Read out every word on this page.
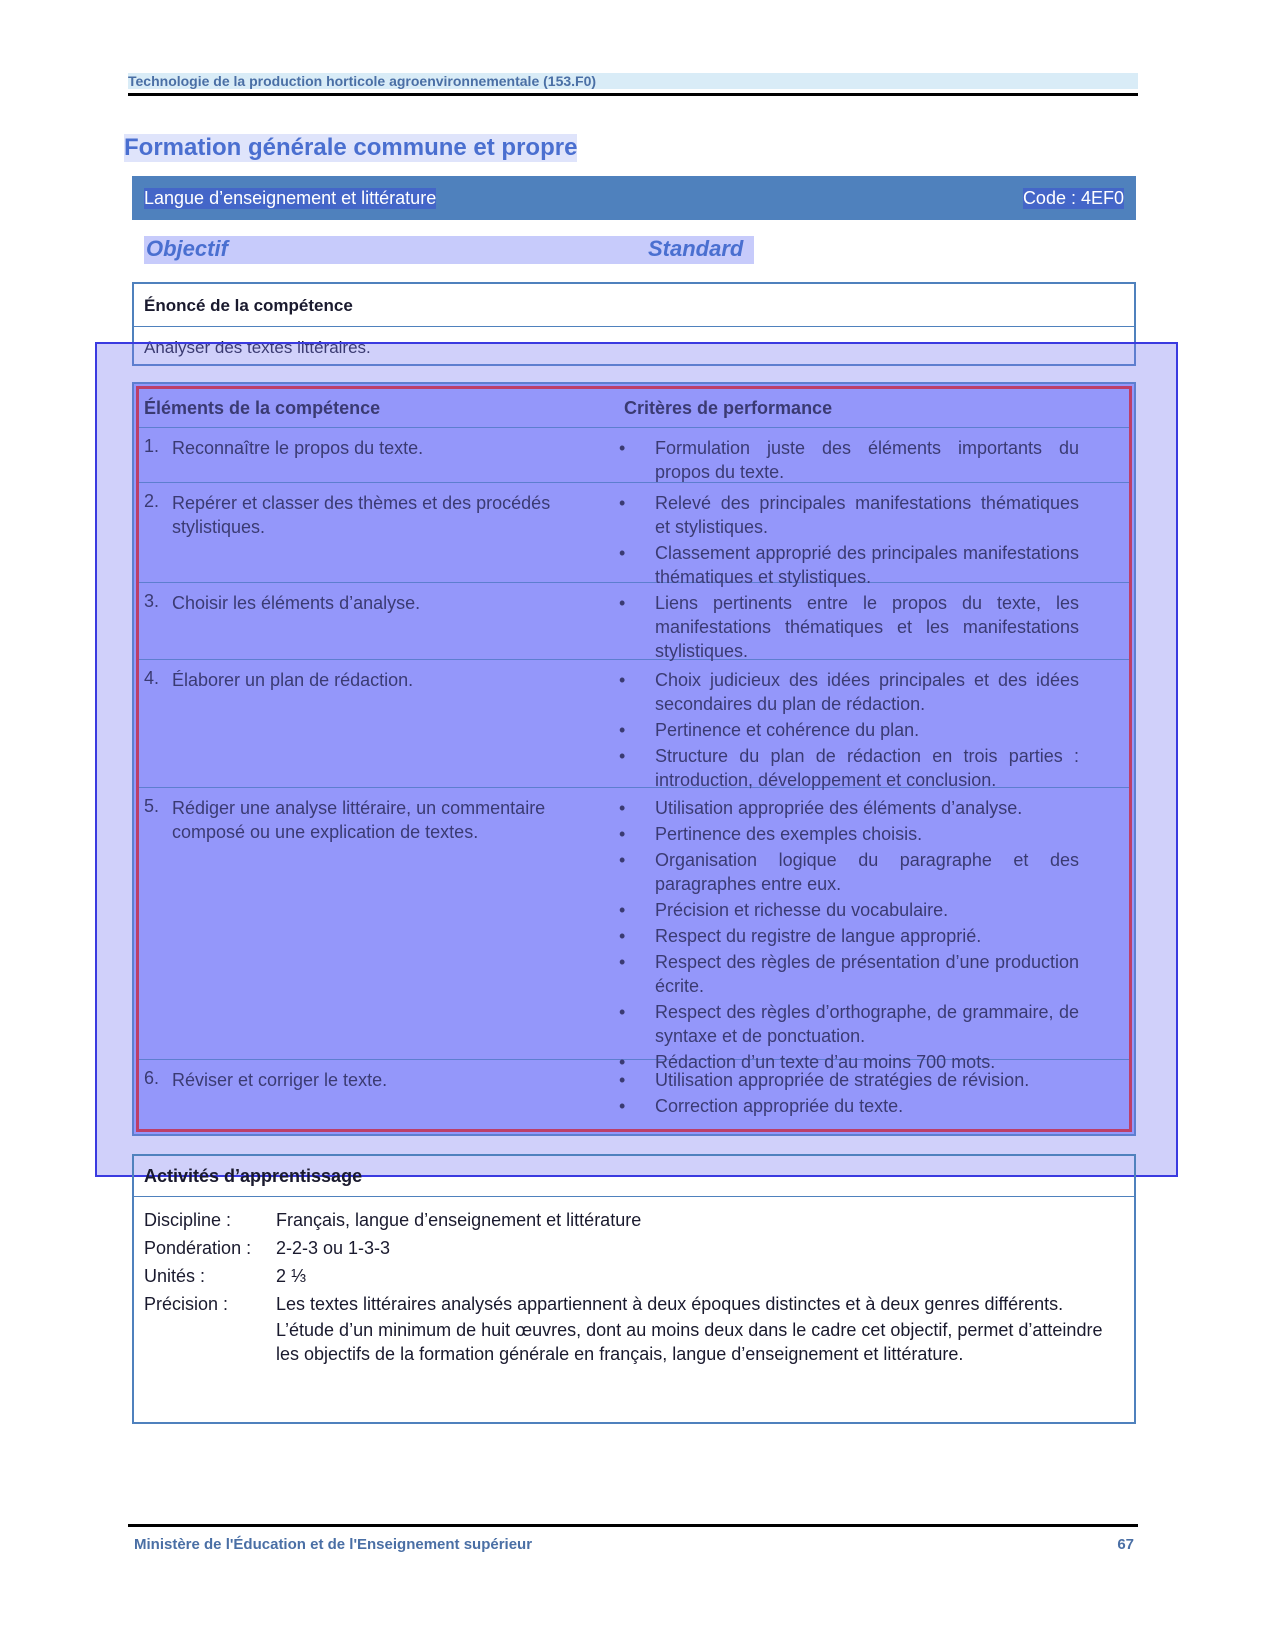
Technologie de la production horticole agroenvironnementale (153.F0)
Formation générale commune et propre
Langue d’enseignement et littérature	Code : 4EF0
Objectif	Standard
Énoncé de la compétence
Analyser des textes littéraires.
Éléments de la compétence	Critères de performance
1. Reconnaître le propos du texte.	• Formulation juste des éléments importants du propos du texte.
2. Repérer et classer des thèmes et des procédés stylistiques.
• Relevé des principales manifestations thématiques et stylistiques.
• Classement approprié des principales manifestations thématiques et stylistiques.
3. Choisir les éléments d’analyse.	• Liens pertinents entre le propos du texte, les manifestations thématiques et les manifestations stylistiques.
4. Élaborer un plan de rédaction.	• Choix judicieux des idées principales et des idées secondaires du plan de rédaction.
• Pertinence et cohérence du plan.
• Structure du plan de rédaction en trois parties : introduction, développement et conclusion.
5. Rédiger une analyse littéraire, un commentaire composé ou une explication de textes.
• Utilisation appropriée des éléments d’analyse.
• Pertinence des exemples choisis.
• Organisation logique du paragraphe et des paragraphes entre eux.
• Précision et richesse du vocabulaire.
• Respect du registre de langue approprié.
• Respect des règles de présentation d’une production écrite.
• Respect des règles d’orthographe, de grammaire, de syntaxe et de ponctuation.
• Rédaction d’un texte d’au moins 700 mots.
6. Réviser et corriger le texte.	• Utilisation appropriée de stratégies de révision.
• Correction appropriée du texte.
Activités d’apprentissage
Discipline :	Français, langue d’enseignement et littérature
Pondération :	2-2-3 ou 1-3-3
Unités :	2 ⅓
Précision :	Les textes littéraires analysés appartiennent à deux époques distinctes et à deux genres différents.

L’étude d’un minimum de huit œuvres, dont au moins deux dans le cadre cet objectif, permet d’atteindre les objectifs de la formation générale en français, langue d’enseignement et littérature.

Ministère de l'Éducation et de l'Enseignement supérieur	67
